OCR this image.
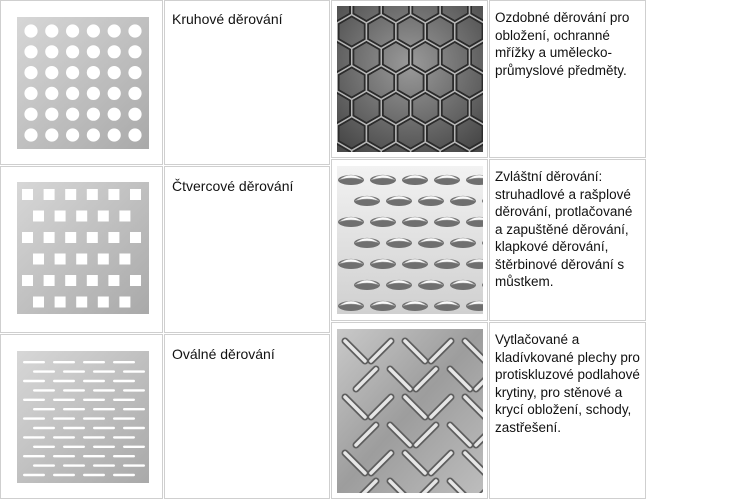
Kruhové děrování
Čtvercové děrování
Oválné děrování
Ozdobné děrování pro obložení, ochranné mřížky a umělecko-průmyslové předměty.
Zvláštní děrování: struhadlové a rašplové děrování, protlačované a zapuštěné děrování, klapkové děrování, štěrbinové děrování s můstkem.
Vytlačované a kladívkované plechy pro protiskluzové podlahové krytiny, pro stěnové a krycí obložení, schody, zastřešení.
